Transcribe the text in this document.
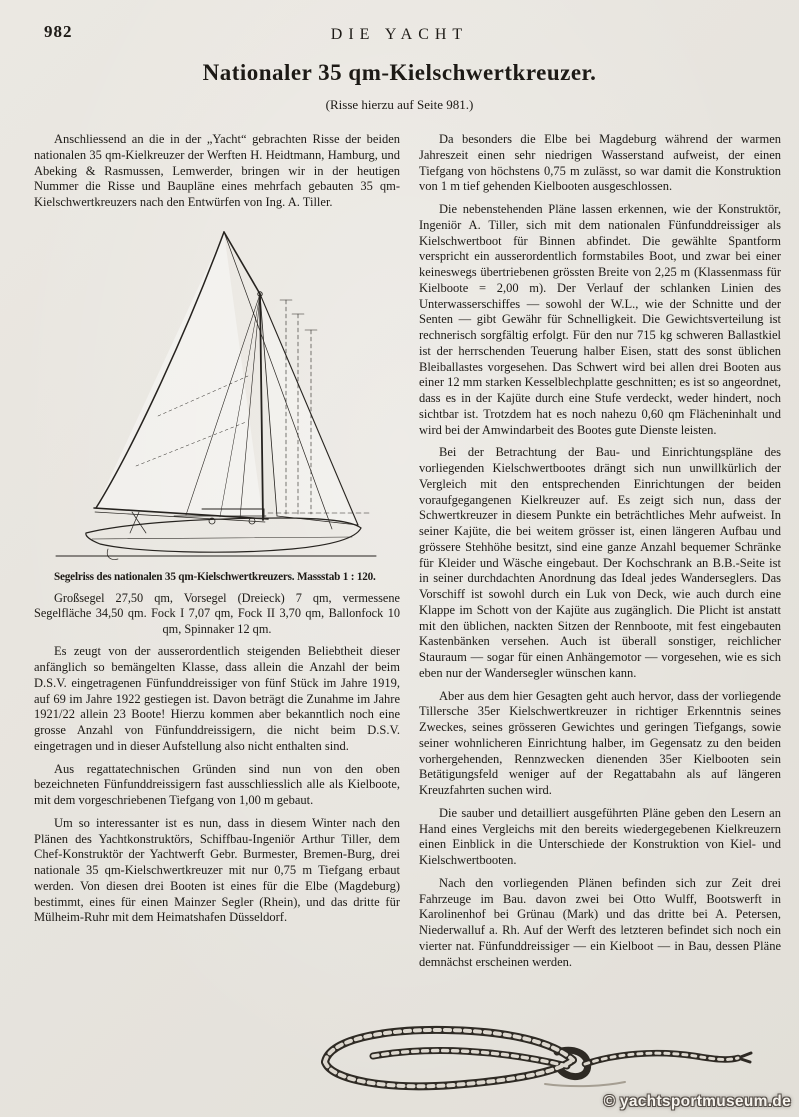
982	DIE YACHT
Nationaler 35 qm-Kielschwertkreuzer.
(Risse hierzu auf Seite 981.)

Anschliessend an die in der „Yacht“ gebrachten Risse der beiden nationalen 35 qm-Kielkreuzer der Werften H. Heidtmann, Hamburg, und Abeking & Rasmussen, Lemwerder, bringen wir in der heutigen Nummer die Risse und Baupläne eines mehrfach gebauten 35 qm-Kielschwertkreuzers nach den Entwürfen von Ing. A. Tiller.

Segelriss des nationalen 35 qm-Kielschwertkreuzers. Massstab 1 : 120.

Großsegel 27,50 qm, Vorsegel (Dreieck) 7 qm, vermessene Segelfläche 34,50 qm. Fock I 7,07 qm, Fock II 3,70 qm, Ballonfock 10 qm, Spinnaker 12 qm.

Es zeugt von der ausserordentlich steigenden Beliebtheit dieser anfänglich so bemängelten Klasse, dass allein die Anzahl der beim D.S.V. eingetragenen Fünfunddreissiger von fünf Stück im Jahre 1919, auf 69 im Jahre 1922 gestiegen ist. Davon beträgt die Zunahme im Jahre 1921/22 allein 23 Boote! Hierzu kommen aber bekanntlich noch eine grosse Anzahl von Fünfunddreissigern, die nicht beim D.S.V. eingetragen und in dieser Aufstellung also nicht enthalten sind.

Aus regattatechnischen Gründen sind nun von den oben bezeichneten Fünfunddreissigern fast ausschliesslich alle als Kielboote, mit dem vorgeschriebenen Tiefgang von 1,00 m gebaut.

Um so interessanter ist es nun, dass in diesem Winter nach den Plänen des Yachtkonstruktörs, Schiffbau-Ingeniör Arthur Tiller, dem Chef-Konstruktör der Yachtwerft Gebr. Burmester, Bremen-Burg, drei nationale 35 qm-Kielschwertkreuzer mit nur 0,75 m Tiefgang erbaut werden. Von diesen drei Booten ist eines für die Elbe (Magdeburg) bestimmt, eines für einen Mainzer Segler (Rhein), und das dritte für Mülheim-Ruhr mit dem Heimatshafen Düsseldorf.

Da besonders die Elbe bei Magdeburg während der warmen Jahreszeit einen sehr niedrigen Wasserstand aufweist, der einen Tiefgang von höchstens 0,75 m zulässt, so war damit die Konstruktion von 1 m tief gehenden Kielbooten ausgeschlossen.

Die nebenstehenden Pläne lassen erkennen, wie der Konstruktör, Ingeniör A. Tiller, sich mit dem nationalen Fünfunddreissiger als Kielschwertboot für Binnen abfindet. Die gewählte Spantform verspricht ein ausserordentlich formstabiles Boot, und zwar bei einer keineswegs übertriebenen grössten Breite von 2,25 m (Klassenmass für Kielboote = 2,00 m). Der Verlauf der schlanken Linien des Unterwasserschiffes — sowohl der W.L., wie der Schnitte und der Senten — gibt Gewähr für Schnelligkeit. Die Gewichtsverteilung ist rechnerisch sorgfältig erfolgt. Für den nur 715 kg schweren Ballastkiel ist der herrschenden Teuerung halber Eisen, statt des sonst üblichen Bleiballastes vorgesehen. Das Schwert wird bei allen drei Booten aus einer 12 mm starken Kesselblechplatte geschnitten; es ist so angeordnet, dass es in der Kajüte durch eine Stufe verdeckt, weder hindert, noch sichtbar ist. Trotzdem hat es noch nahezu 0,60 qm Flächeninhalt und wird bei der Amwindarbeit des Bootes gute Dienste leisten.

Bei der Betrachtung der Bau- und Einrichtungspläne des vorliegenden Kielschwertbootes drängt sich nun unwillkürlich der Vergleich mit den entsprechenden Einrichtungen der beiden voraufgegangenen Kielkreuzer auf. Es zeigt sich nun, dass der Schwertkreuzer in diesem Punkte ein beträchtliches Mehr aufweist. In seiner Kajüte, die bei weitem grösser ist, einen längeren Aufbau und grössere Stehhöhe besitzt, sind eine ganze Anzahl bequemer Schränke für Kleider und Wäsche eingebaut. Der Kochschrank an B.B.-Seite ist in seiner durchdachten Anordnung das Ideal jedes Wanderseglers. Das Vorschiff ist sowohl durch ein Luk von Deck, wie auch durch eine Klappe im Schott von der Kajüte aus zugänglich. Die Plicht ist anstatt mit den üblichen, nackten Sitzen der Rennboote, mit fest eingebauten Kastenbänken versehen. Auch ist überall sonstiger, reichlicher Stauraum — sogar für einen Anhängemotor — vorgesehen, wie es sich eben nur der Wandersegler wünschen kann.

Aber aus dem hier Gesagten geht auch hervor, dass der vorliegende Tillersche 35er Kielschwertkreuzer in richtiger Erkenntnis seines Zweckes, seines grösseren Gewichtes und geringen Tiefgangs, sowie seiner wohnlicheren Einrichtung halber, im Gegensatz zu den beiden vorhergehenden, Rennzwecken dienenden 35er Kielbooten sein Betätigungsfeld weniger auf der Regattabahn als auf längeren Kreuzfahrten suchen wird.

Die sauber und detailliert ausgeführten Pläne geben den Lesern an Hand eines Vergleichs mit den bereits wiedergegebenen Kielkreuzern einen Einblick in die Unterschiede der Konstruktion von Kiel- und Kielschwertbooten.

Nach den vorliegenden Plänen befinden sich zur Zeit drei Fahrzeuge im Bau. davon zwei bei Otto Wulff, Bootswerft in Karolinenhof bei Grünau (Mark) und das dritte bei A. Petersen, Niederwalluf a. Rh. Auf der Werft des letzteren befindet sich noch ein vierter nat. Fünfunddreissiger — ein Kielboot — in Bau, dessen Pläne demnächst erscheinen werden.

© yachtsportmuseum.de
